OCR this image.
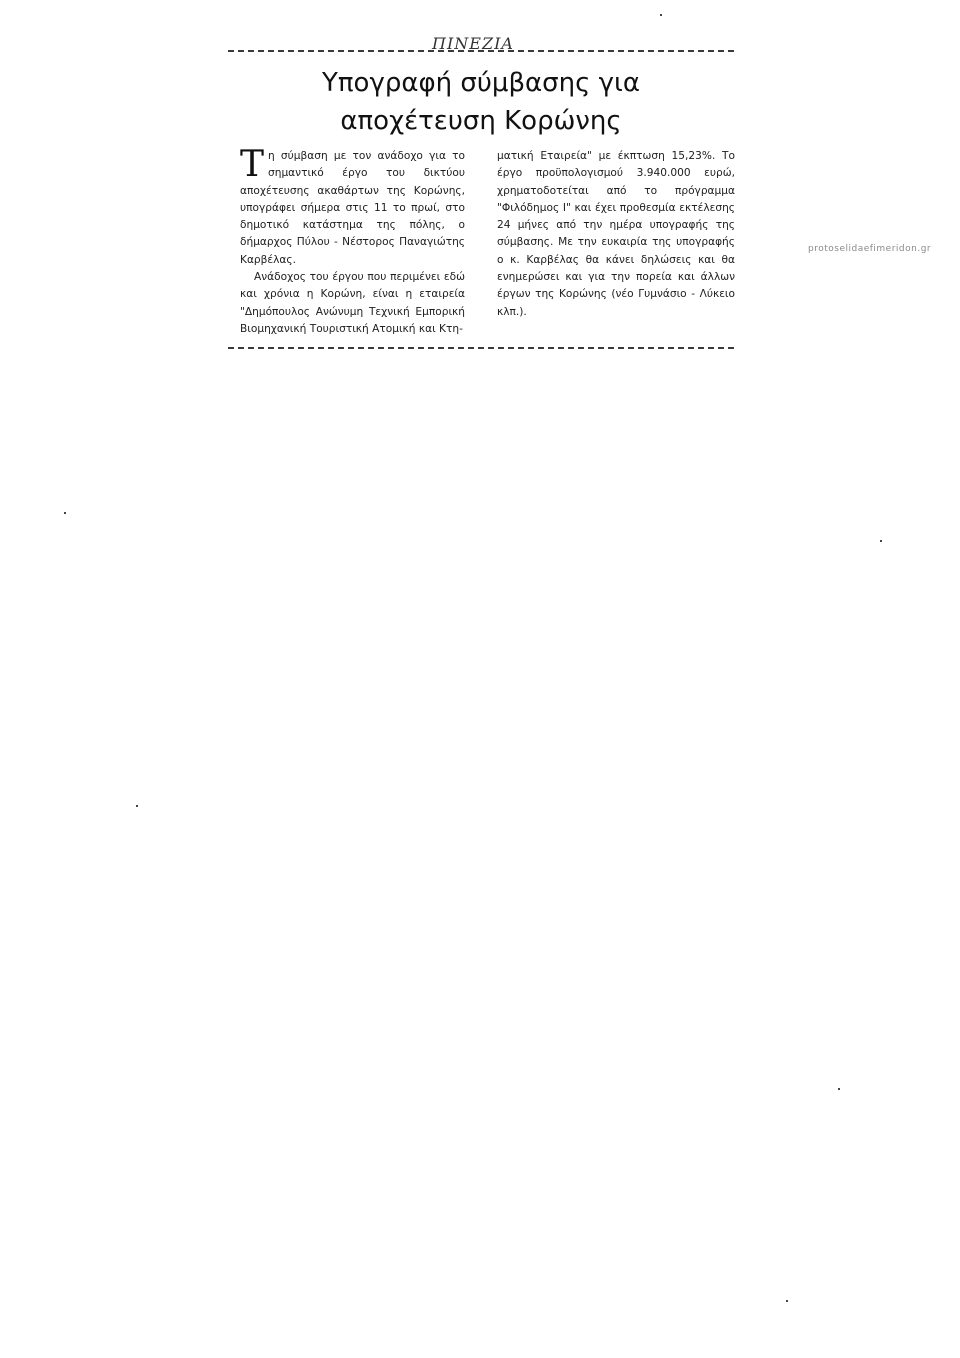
ΠΙΝΕΖΙΑ
Υπογραφή σύμβασης για
αποχέτευση Κορώνης

Τη σύμβαση με τον ανάδοχο για το σημαντικό έργο του δικτύου αποχέτευσης ακαθάρτων της Κορώνης, υπογράφει σήμερα στις 11 το πρωί, στο δημοτικό κατάστημα της πόλης, ο δήμαρχος Πύλου - Νέστορος Παναγιώτης Καρβέλας.

Ανάδοχος του έργου που περιμένει εδώ και χρόνια η Κορώνη, είναι η εταιρεία "Δημόπουλος Ανώνυμη Τεχνική Εμπορική Βιομηχανική Τουριστική Ατομική και Κτη-

ματική Εταιρεία" με έκπτωση 15,23%. Το έργο προϋπολογισμού 3.940.000 ευρώ, χρηματοδοτείται από το πρόγραμμα "Φιλόδημος Ι" και έχει προθεσμία εκτέλεσης 24 μήνες από την ημέρα υπογραφής της σύμβασης. Με την ευκαιρία της υπογραφής ο κ. Καρβέλας θα κάνει δηλώσεις και θα ενημερώσει και για την πορεία και άλλων έργων της Κορώνης (νέο Γυμνάσιο - Λύκειο κλπ.).

protoselidaefimeridon.gr
